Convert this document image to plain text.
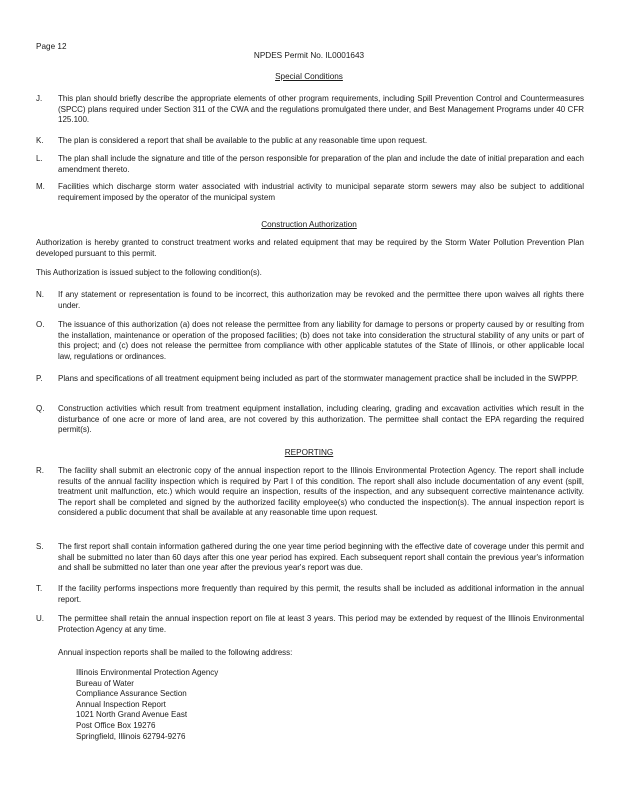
Page 12
NPDES Permit No. IL0001643
Special Conditions
J. This plan should briefly describe the appropriate elements of other program requirements, including Spill Prevention Control and Countermeasures (SPCC) plans required under Section 311 of the CWA and the regulations promulgated there under, and Best Management Programs under 40 CFR 125.100.
K. The plan is considered a report that shall be available to the public at any reasonable time upon request.
L. The plan shall include the signature and title of the person responsible for preparation of the plan and include the date of initial preparation and each amendment thereto.
M. Facilities which discharge storm water associated with industrial activity to municipal separate storm sewers may also be subject to additional requirement imposed by the operator of the municipal system
Construction Authorization
Authorization is hereby granted to construct treatment works and related equipment that may be required by the Storm Water Pollution Prevention Plan developed pursuant to this permit.
This Authorization is issued subject to the following condition(s).
N. If any statement or representation is found to be incorrect, this authorization may be revoked and the permittee there upon waives all rights there under.
O. The issuance of this authorization (a) does not release the permittee from any liability for damage to persons or property caused by or resulting from the installation, maintenance or operation of the proposed facilities; (b) does not take into consideration the structural stability of any units or part of this project; and (c) does not release the permittee from compliance with other applicable statutes of the State of Illinois, or other applicable local law, regulations or ordinances.
P. Plans and specifications of all treatment equipment being included as part of the stormwater management practice shall be included in the SWPPP.
Q. Construction activities which result from treatment equipment installation, including clearing, grading and excavation activities which result in the disturbance of one acre or more of land area, are not covered by this authorization. The permittee shall contact the EPA regarding the required permit(s).
REPORTING
R. The facility shall submit an electronic copy of the annual inspection report to the Illinois Environmental Protection Agency. The report shall include results of the annual facility inspection which is required by Part I of this condition. The report shall also include documentation of any event (spill, treatment unit malfunction, etc.) which would require an inspection, results of the inspection, and any subsequent corrective maintenance activity. The report shall be completed and signed by the authorized facility employee(s) who conducted the inspection(s). The annual inspection report is considered a public document that shall be available at any reasonable time upon request.
S. The first report shall contain information gathered during the one year time period beginning with the effective date of coverage under this permit and shall be submitted no later than 60 days after this one year period has expired. Each subsequent report shall contain the previous year's information and shall be submitted no later than one year after the previous year's report was due.
T. If the facility performs inspections more frequently than required by this permit, the results shall be included as additional information in the annual report.
U. The permittee shall retain the annual inspection report on file at least 3 years. This period may be extended by request of the Illinois Environmental Protection Agency at any time.
Annual inspection reports shall be mailed to the following address:
Illinois Environmental Protection Agency
Bureau of Water
Compliance Assurance Section
Annual Inspection Report
1021 North Grand Avenue East
Post Office Box 19276
Springfield, Illinois 62794-9276
